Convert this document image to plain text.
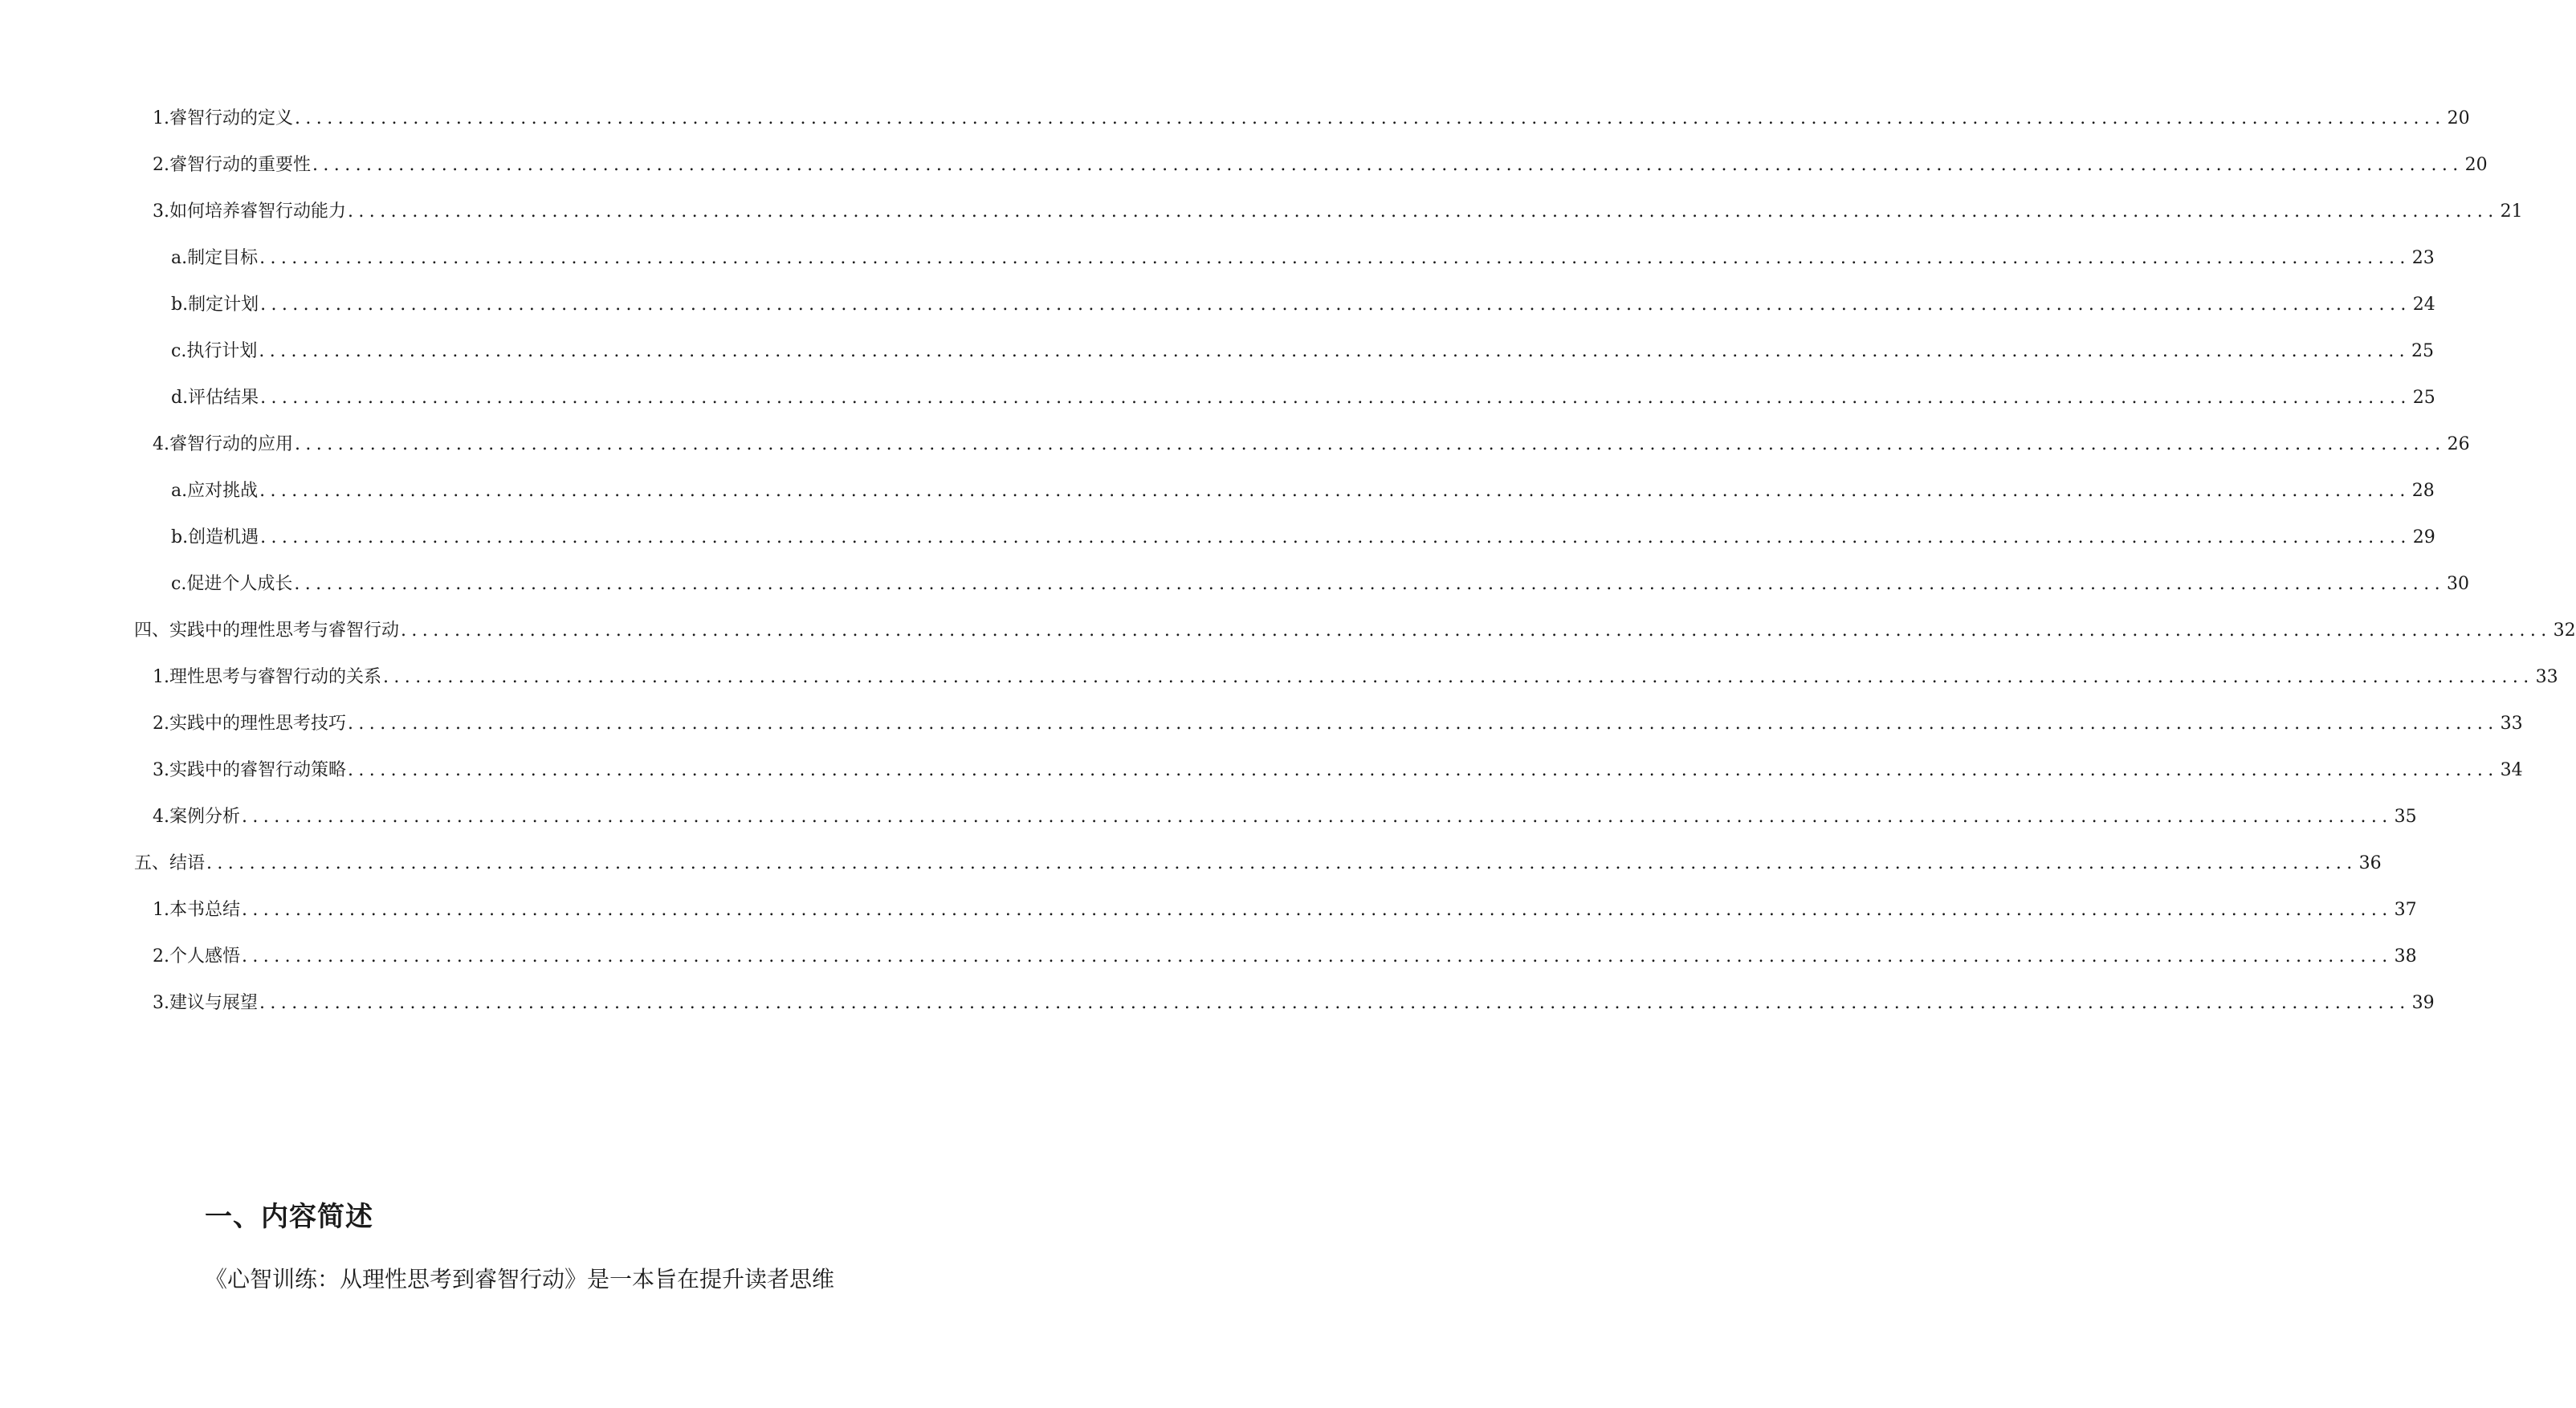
1. 睿智行动的定义 ........................................................................................................................................................................................................ 20
2. 睿智行动的重要性 ........................................................................................................................................................................................................ 20
3. 如何培养睿智行动能力 ........................................................................................................................................................................................................ 21
a. 制定目标 ........................................................................................................................................................................................................ 23
b. 制定计划 ........................................................................................................................................................................................................ 24
c. 执行计划 ........................................................................................................................................................................................................ 25
d. 评估结果 ........................................................................................................................................................................................................ 25
4. 睿智行动的应用 ........................................................................................................................................................................................................ 26
a. 应对挑战 ........................................................................................................................................................................................................ 28
b. 创造机遇 ........................................................................................................................................................................................................ 29
c. 促进个人成长 ........................................................................................................................................................................................................ 30
四、实践中的理性思考与睿智行动 ........................................................................................................................................................................................................ 32
1. 理性思考与睿智行动的关系 ........................................................................................................................................................................................................ 33
2. 实践中的理性思考技巧 ........................................................................................................................................................................................................ 33
3. 实践中的睿智行动策略 ........................................................................................................................................................................................................ 34
4. 案例分析 ........................................................................................................................................................................................................ 35
五、结语 ........................................................................................................................................................................................................ 36
1. 本书总结 ........................................................................................................................................................................................................ 37
2. 个人感悟 ........................................................................................................................................................................................................ 38
3. 建议与展望 ........................................................................................................................................................................................................ 39
一、内容简述
《心智训练：从理性思考到睿智行动》是一本旨在提升读者思维
